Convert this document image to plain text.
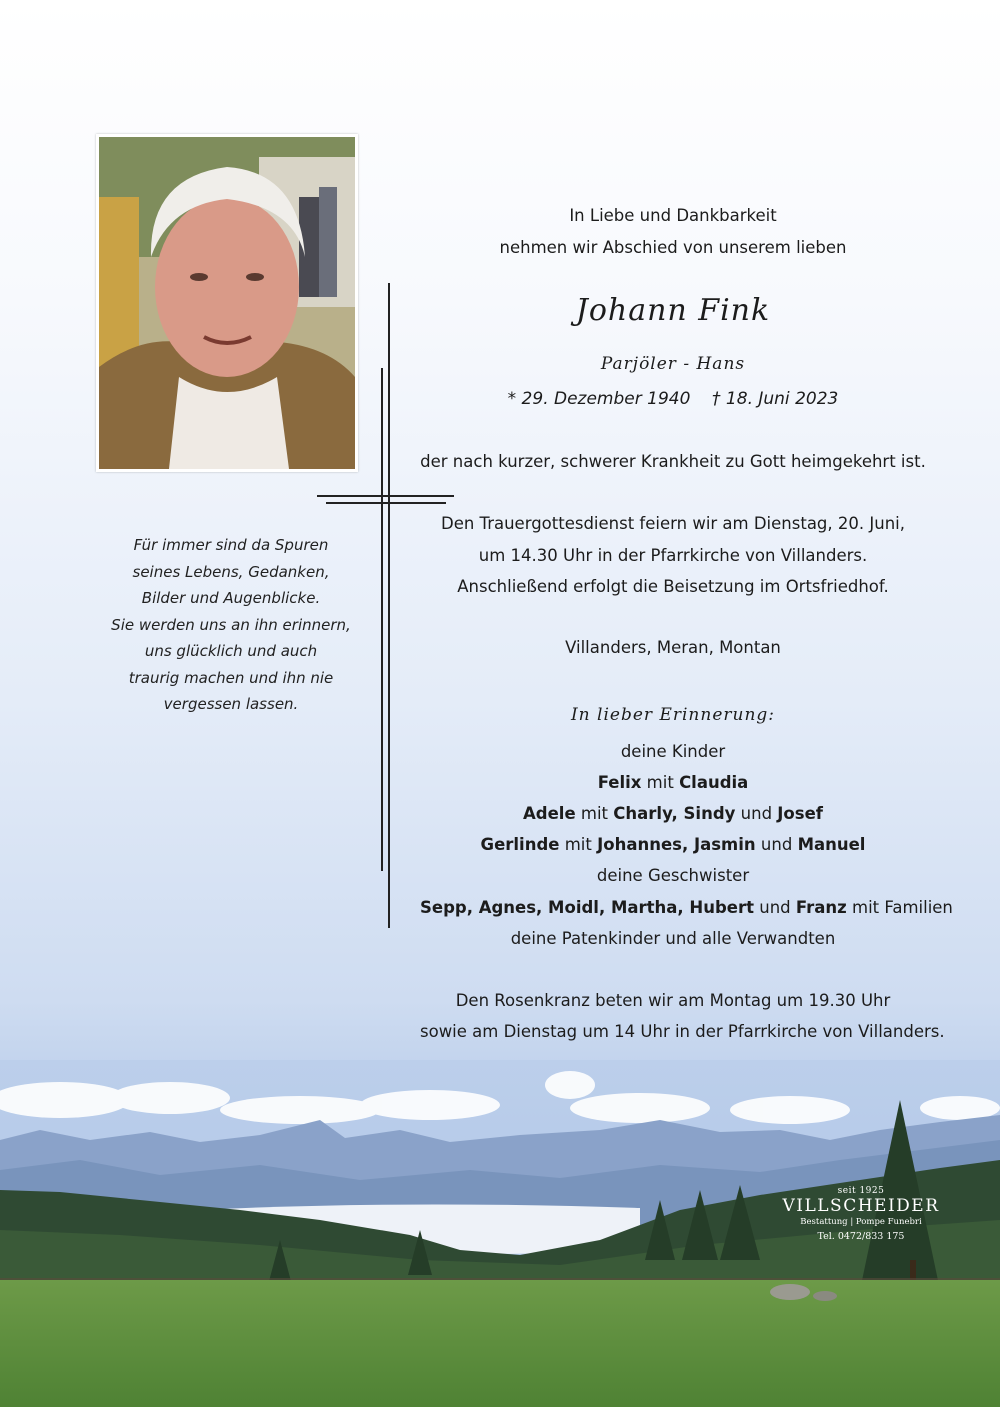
Für immer sind da Spuren
seines Lebens, Gedanken,
Bilder und Augenblicke.
Sie werden uns an ihn erinnern,
uns glücklich und auch
traurig machen und ihn nie
vergessen lassen.
In Liebe und Dankbarkeit
nehmen wir Abschied von unserem lieben
Johann Fink
Parjöler - Hans
* 29. Dezember 1940 † 18. Juni 2023
der nach kurzer, schwerer Krankheit zu Gott heimgekehrt ist.
Den Trauergottesdienst feiern wir am Dienstag, 20. Juni,
um 14.30 Uhr in der Pfarrkirche von Villanders.
Anschließend erfolgt die Beisetzung im Ortsfriedhof.
Villanders, Meran, Montan
In lieber Erinnerung:
deine Kinder
Felix mit Claudia
Adele mit Charly, Sindy und Josef
Gerlinde mit Johannes, Jasmin und Manuel
deine Geschwister
Sepp, Agnes, Moidl, Martha, Hubert und Franz mit Familien
deine Patenkinder und alle Verwandten
Den Rosenkranz beten wir am Montag um 19.30 Uhr
sowie am Dienstag um 14 Uhr in der Pfarrkirche von Villanders.
seit 1925
VILLSCHEIDER
Bestattung | Pompe Funebri
Tel. 0472/833 175
